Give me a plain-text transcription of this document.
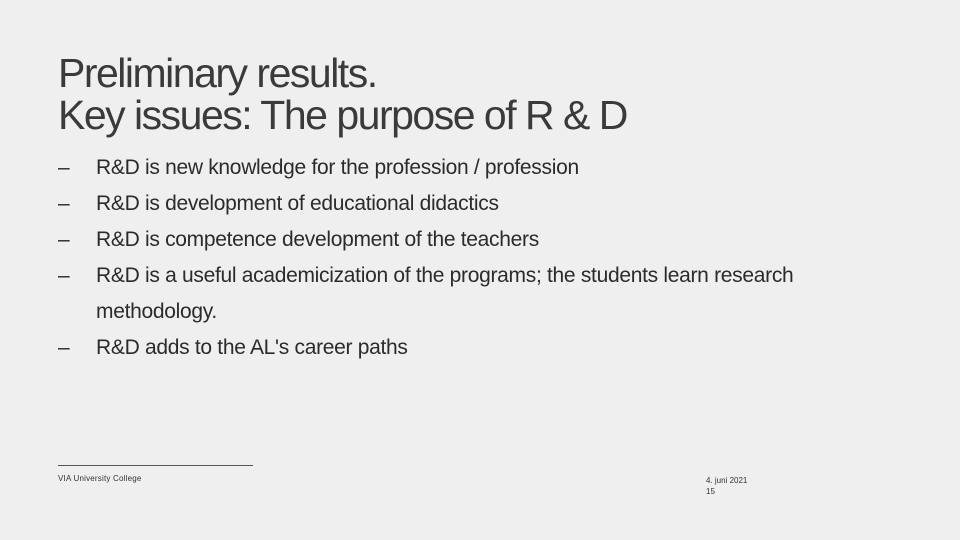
Preliminary results.
Key issues: The purpose of R & D
–	R&D is new knowledge for the profession / profession
–	R&D is development of educational didactics
–	R&D is competence development of the teachers
–	R&D is a useful academicization of the programs; the students learn research methodology.
–	R&D adds to the AL's career paths
VIA University College	4. juni 2021
15
